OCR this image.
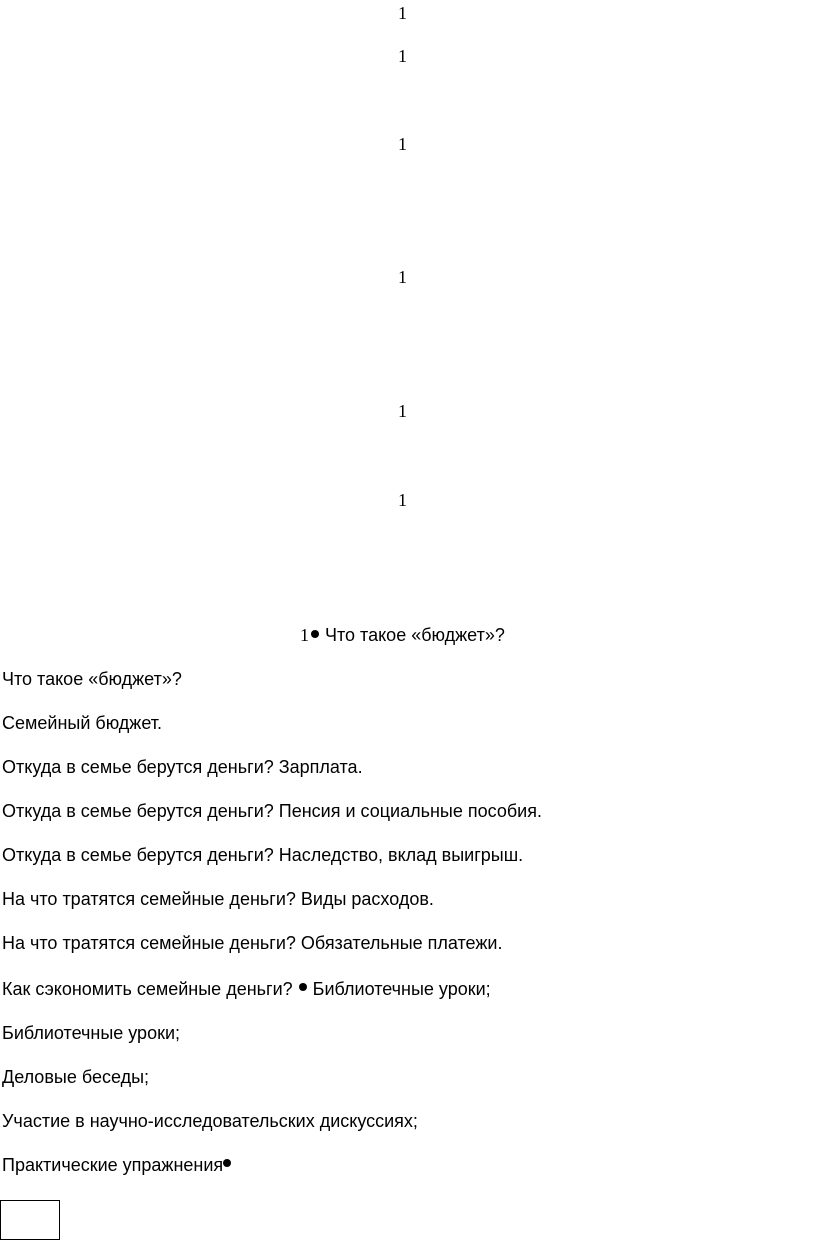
1
1
1
1
1
1
1 Что такое «бюджет»?
Что такое «бюджет»?
Семейный бюджет.
Откуда в семье берутся деньги? Зарплата.
Откуда в семье берутся деньги? Пенсия и социальные пособия.
Откуда в семье берутся деньги? Наследство, вклад выигрыш.
На что тратятся семейные деньги? Виды расходов.
На что тратятся семейные деньги? Обязательные платежи.
Как сэкономить семейные деньги? Библиотечные уроки;
Библиотечные уроки;
Деловые беседы;
Участие в научно-исследовательских дискуссиях;
Практические упражнения
